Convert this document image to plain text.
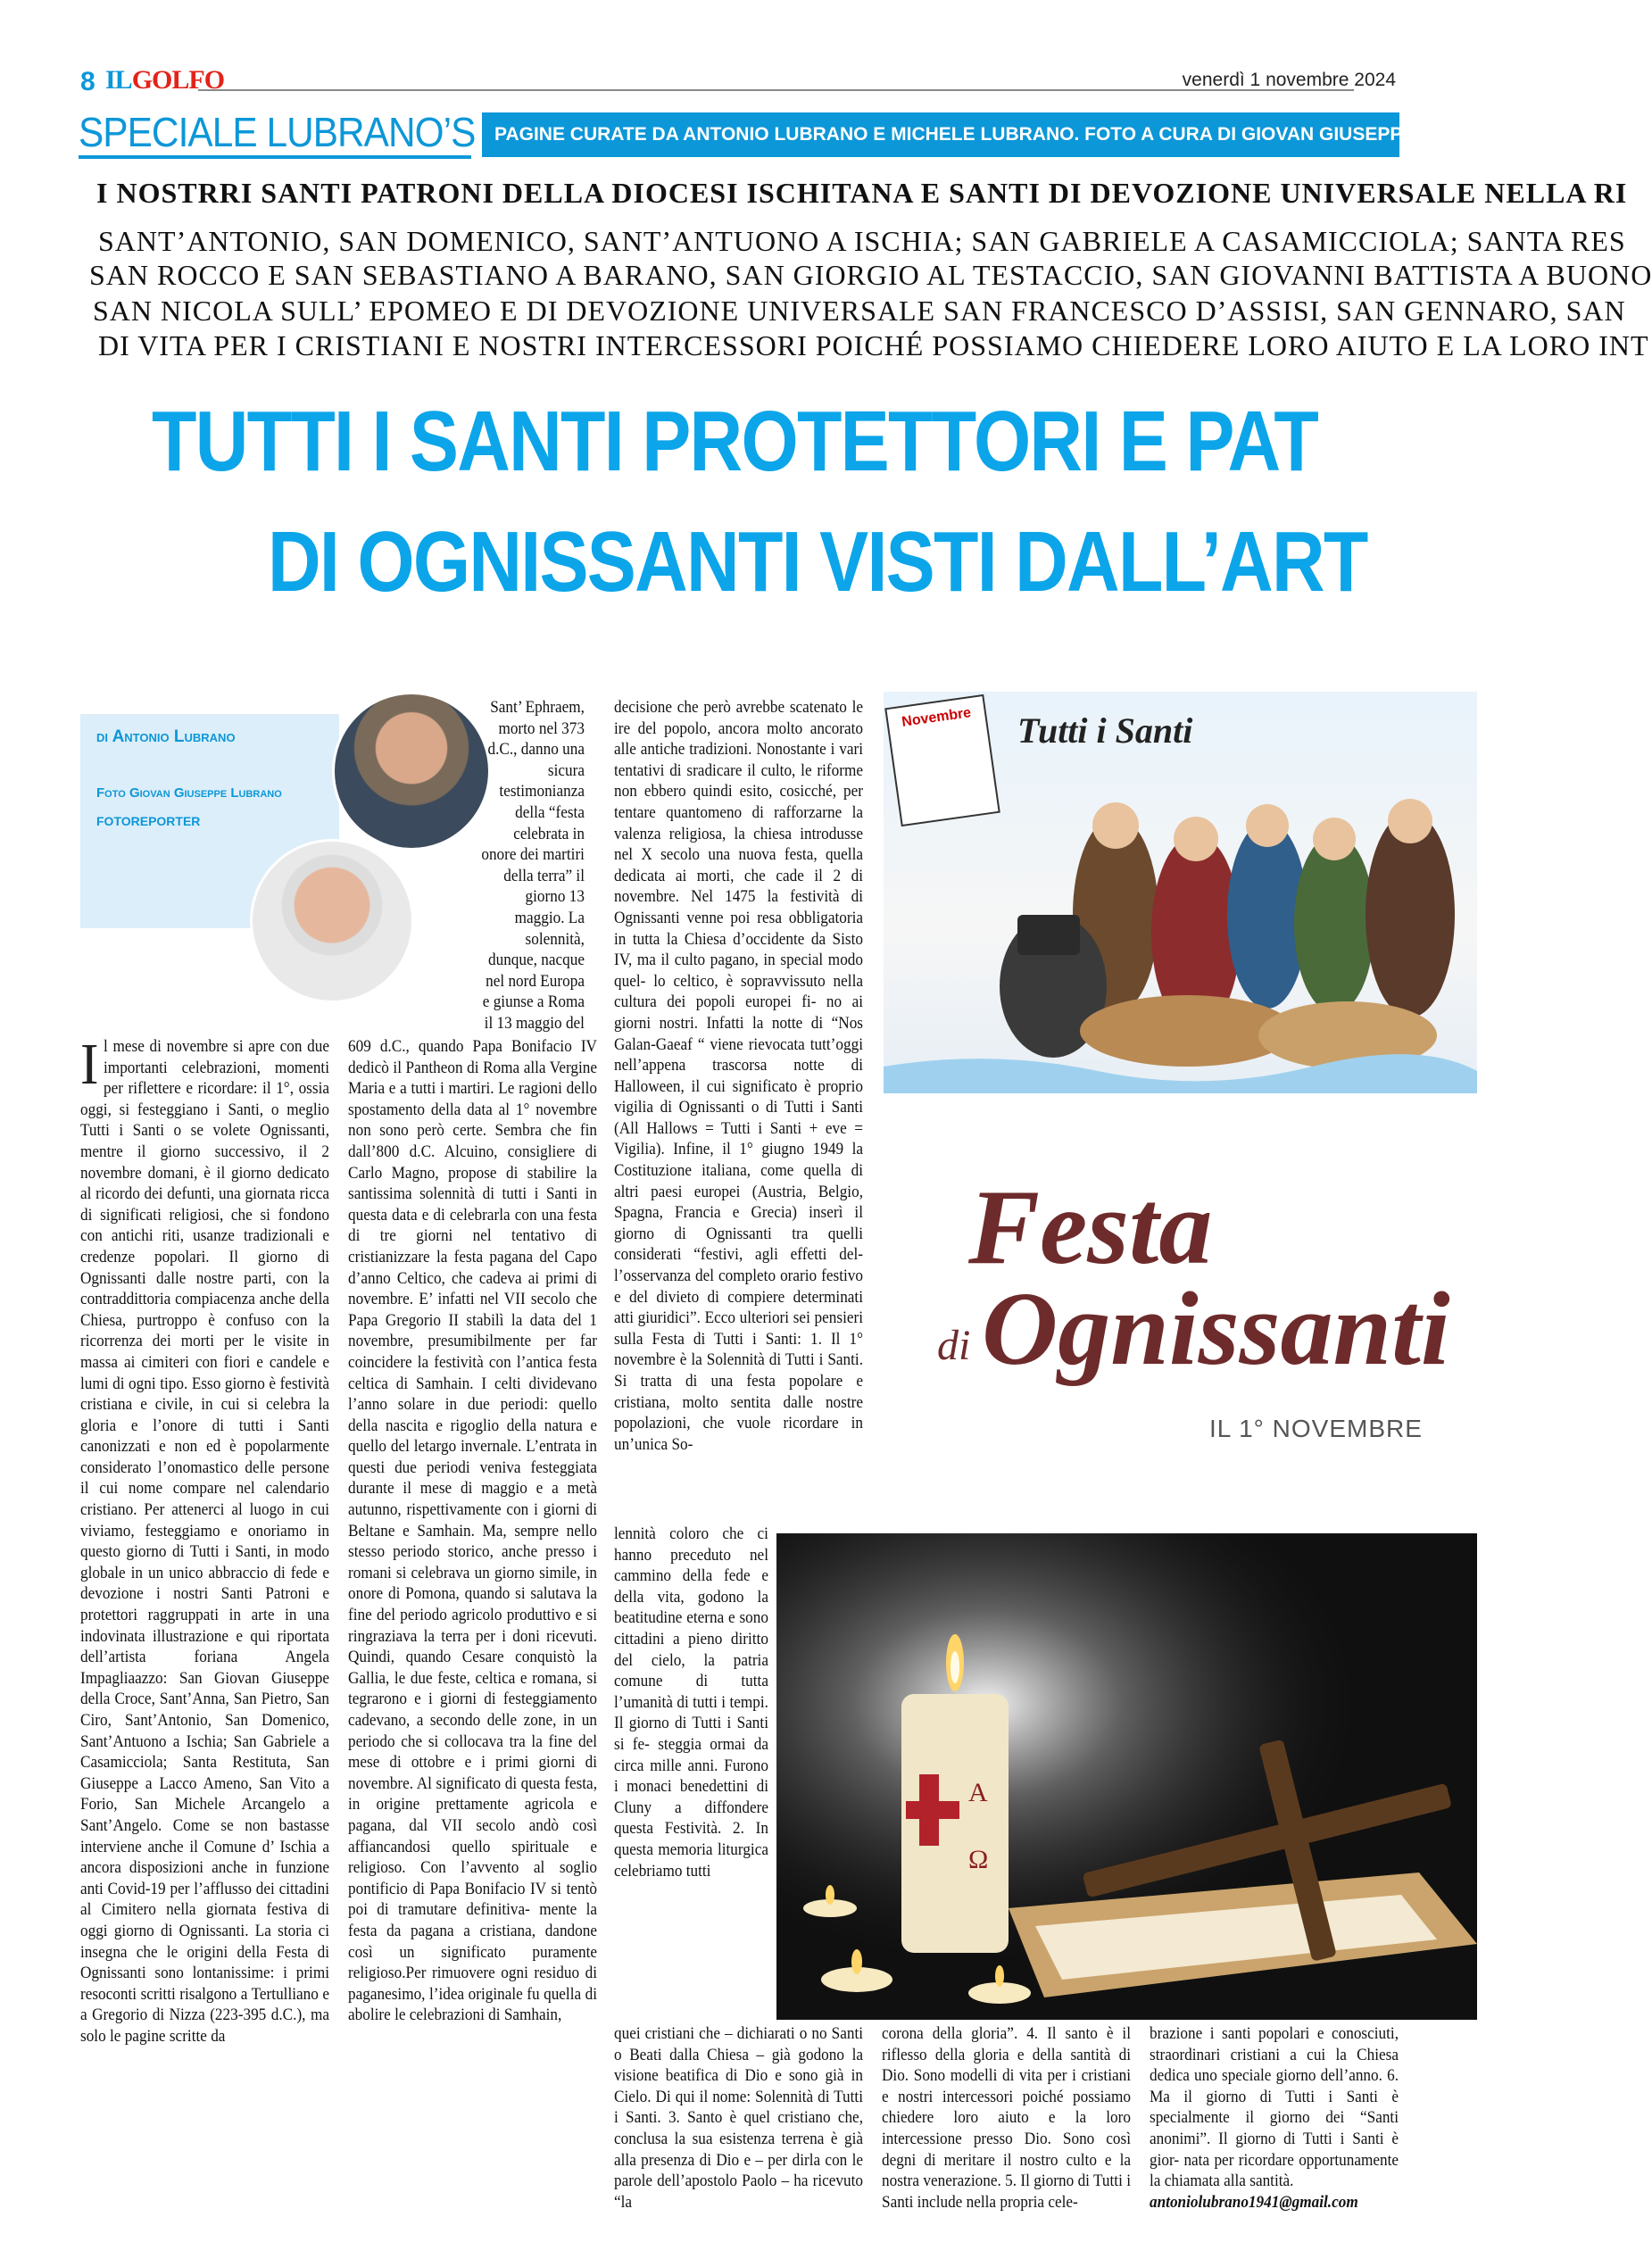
8 ILGOLFO	venerdì 1 novembre 2024
SPECIALE LUBRANO’S	PAGINE CURATE DA ANTONIO LUBRANO E MICHELE LUBRANO. FOTO A CURA DI GIOVAN GIUSEPPE LUBRANO
I NOSTRRI SANTI PATRONI DELLA DIOCESI ISCHITANA E SANTI DI DEVOZIONE UNIVERSALE NELLA RI
SANT’ANTONIO, SAN DOMENICO, SANT’ANTUONO A ISCHIA; SAN GABRIELE A CASAMICCIOLA; SANTA RES
SAN ROCCO E SAN SEBASTIANO A BARANO, SAN GIORGIO AL TESTACCIO, SAN GIOVANNI BATTISTA A BUONO
SAN NICOLA SULL’ EPOMEO E DI DEVOZIONE UNIVERSALE SAN FRANCESCO D’ASSISI, SAN GENNARO, SAN
DI VITA PER I CRISTIANI E NOSTRI INTERCESSORI POICHÉ POSSIAMO CHIEDERE LORO AIUTO E LA LORO INT
TUTTI I SANTI PROTETTORI E PAT
DI OGNISSANTI VISTI DALL’ART
di Antonio Lubrano
Foto Giovan Giuseppe Lubrano
FOTOREPORTER

Il mese di novembre si apre con due importanti celebrazioni, momenti per riflettere e ricordare: il 1°, ossia oggi, si festeggiano i Santi, o meglio Tutti i Santi o se volete Ognissanti, mentre il giorno successivo, il 2 novembre domani, è il giorno dedicato al ricordo dei defunti, una giornata ricca di significati religiosi, che si fondono con antichi riti, usanze tradizionali e credenze popolari. Il giorno di Ognissanti dalle nostre parti, con la contraddittoria compiacenza anche della Chiesa, purtroppo è confuso con la ricorrenza dei morti per le visite in massa ai cimiteri con fiori e candele e lumi di ogni tipo. Esso giorno è festività cristiana e civile, in cui si celebra la gloria e l’onore di tutti i Santi canonizzati e non ed è popolarmente considerato l’onomastico delle persone il cui nome compare nel calendario cristiano. Per attenerci al luogo in cui viviamo, festeggiamo e onoriamo in questo giorno di Tutti i Santi, in modo globale in un unico abbraccio di fede e devozione i nostri Santi Patroni e protettori raggruppati in arte in una indovinata illustrazione e qui riportata dell’artista foriana Angela Impagliaazzo: San Giovan Giuseppe della Croce, Sant’Anna, San Pietro, San Ciro, Sant’Antonio, San Domenico, Sant’Antuono a Ischia; San Gabriele a Casamicciola; Santa Restituta, San Giuseppe a Lacco Ameno, San Vito a Forio, San Michele Arcangelo a Sant’Angelo. Come se non bastasse interviene anche il Comune d’ Ischia a ancora disposizioni anche in funzione anti Covid-19 per l’afflusso dei cittadini al Cimitero nella giornata festiva di oggi giorno di Ognissanti. La storia ci insegna che le origini della Festa di Ognissanti sono lontanissime: i primi resoconti scritti risalgono a Tertulliano e a Gregorio di Nizza (223-395 d.C.), ma solo le pagine scritte da

Sant’ Ephraem, morto nel 373 d.C., danno una sicura testimonianza della “festa celebrata in onore dei martiri della terra” il giorno 13 maggio. La solennità, dunque, nacque nel nord Europa e giunse a Roma il 13 maggio del

609 d.C., quando Papa Bonifacio IV dedicò il Pantheon di Roma alla Vergine Maria e a tutti i martiri. Le ragioni dello spostamento della data al 1° novembre non sono però certe. Sembra che fin dall’800 d.C. Alcuino, consigliere di Carlo Magno, propose di stabilire la santissima solennità di tutti i Santi in questa data e di celebrarla con una festa di tre giorni nel tentativo di cristianizzare la festa pagana del Capo d’anno Celtico, che cadeva ai primi di novembre. E’ infatti nel VII secolo che Papa Gregorio II stabilì la data del 1 novembre, presumibilmente per far coincidere la festività con l’antica festa celtica di Samhain. I celti dividevano l’anno solare in due periodi: quello della nascita e rigoglio della natura e quello del letargo invernale. L’entrata in questi due periodi veniva festeggiata durante il mese di maggio e a metà autunno, rispettivamente con i giorni di Beltane e Samhain. Ma, sempre nello stesso periodo storico, anche presso i romani si celebrava un giorno simile, in onore di Pomona, quando si salutava la fine del periodo agricolo produttivo e si ringraziava la terra per i doni ricevuti. Quindi, quando Cesare conquistò la Gallia, le due feste, celtica e romana, si tegrarono e i giorni di festeggiamento cadevano, a secondo delle zone, in un periodo che si collocava tra la fine del mese di ottobre e i primi giorni di novembre. Al significato di questa festa, in origine prettamente agricola e pagana, dal VII secolo andò così affiancandosi quello spirituale e religioso. Con l’avvento al soglio pontificio di Papa Bonifacio IV si tentò poi di tramutare definitiva- mente la festa da pagana a cristiana, dandone così un significato puramente religioso.Per rimuovere ogni residuo di paganesimo, l’idea originale fu quella di abolire le celebrazioni di Samhain,

decisione che però avrebbe scatenato le ire del popolo, ancora molto ancorato alle antiche tradizioni. Nonostante i vari tentativi di sradicare il culto, le riforme non ebbero quindi esito, cosicché, per tentare quantomeno di rafforzarne la valenza religiosa, la chiesa introdusse nel X secolo una nuova festa, quella dedicata ai morti, che cade il 2 di novembre. Nel 1475 la festività di Ognissanti venne poi resa obbligatoria in tutta la Chiesa d’occidente da Sisto IV, ma il culto pagano, in special modo quel- lo celtico, è sopravvissuto nella cultura dei popoli europei fi- no ai giorni nostri. Infatti la notte di “Nos Galan-Gaeaf “ viene rievocata tutt’oggi nell’appena trascorsa notte di Halloween, il cui significato è proprio vigilia di Ognissanti o di Tutti i Santi (All Hallows = Tutti i Santi + eve = Vigilia). Infine, il 1° giugno 1949 la Costituzione italiana, come quella di altri paesi europei (Austria, Belgio, Spagna, Francia e Grecia) inserì il giorno di Ognissanti tra quelli considerati “festivi, agli effetti del- l’osservanza del completo orario festivo e del divieto di compiere determinati atti giuridici”. Ecco ulteriori sei pensieri sulla Festa di Tutti i Santi: 1. Il 1° novembre è la Solennità di Tutti i Santi. Si tratta di una festa popolare e cristiana, molto sentita dalle nostre popolazioni, che vuole ricordare in un’unica So-

lennità coloro che ci hanno preceduto nel cammino della fede e della vita, godono la beatitudine eterna e sono cittadini a pieno diritto del cielo, la patria comune di tutta l’umanità di tutti i tempi. Il giorno di Tutti i Santi si fe- steggia ormai da circa mille anni. Furono i monaci benedettini di Cluny a diffondere questa Festività. 2. In questa memoria liturgica celebriamo tutti

quei cristiani che – dichiarati o no Santi o Beati dalla Chiesa – già godono la visione beatifica di Dio e sono già in Cielo. Di qui il nome: Solennità di Tutti i Santi. 3. Santo è quel cristiano che, conclusa la sua esistenza terrena è già alla presenza di Dio e – per dirla con le parole dell’apostolo Paolo – ha ricevuto “la

corona della gloria”. 4. Il santo è il riflesso della gloria e della santità di Dio. Sono modelli di vita per i cristiani e nostri intercessori poiché possiamo chiedere loro aiuto e la loro intercessione presso Dio. Sono così degni di meritare il nostro culto e la nostra venerazione. 5. Il giorno di Tutti i Santi include nella propria cele-

brazione i santi popolari e conosciuti, straordinari cristiani a cui la Chiesa dedica uno speciale giorno dell’anno. 6. Ma il giorno di Tutti i Santi è specialmente il giorno dei “Santi anonimi”. Il giorno di Tutti i Santi è gior- nata per ricordare opportunamente la chiamata alla santità.

antoniolubrano1941@gmail.com

Novembre	Tutti i Santi
Festa
di Ognissanti
IL 1° NOVEMBRE
A
Ω
